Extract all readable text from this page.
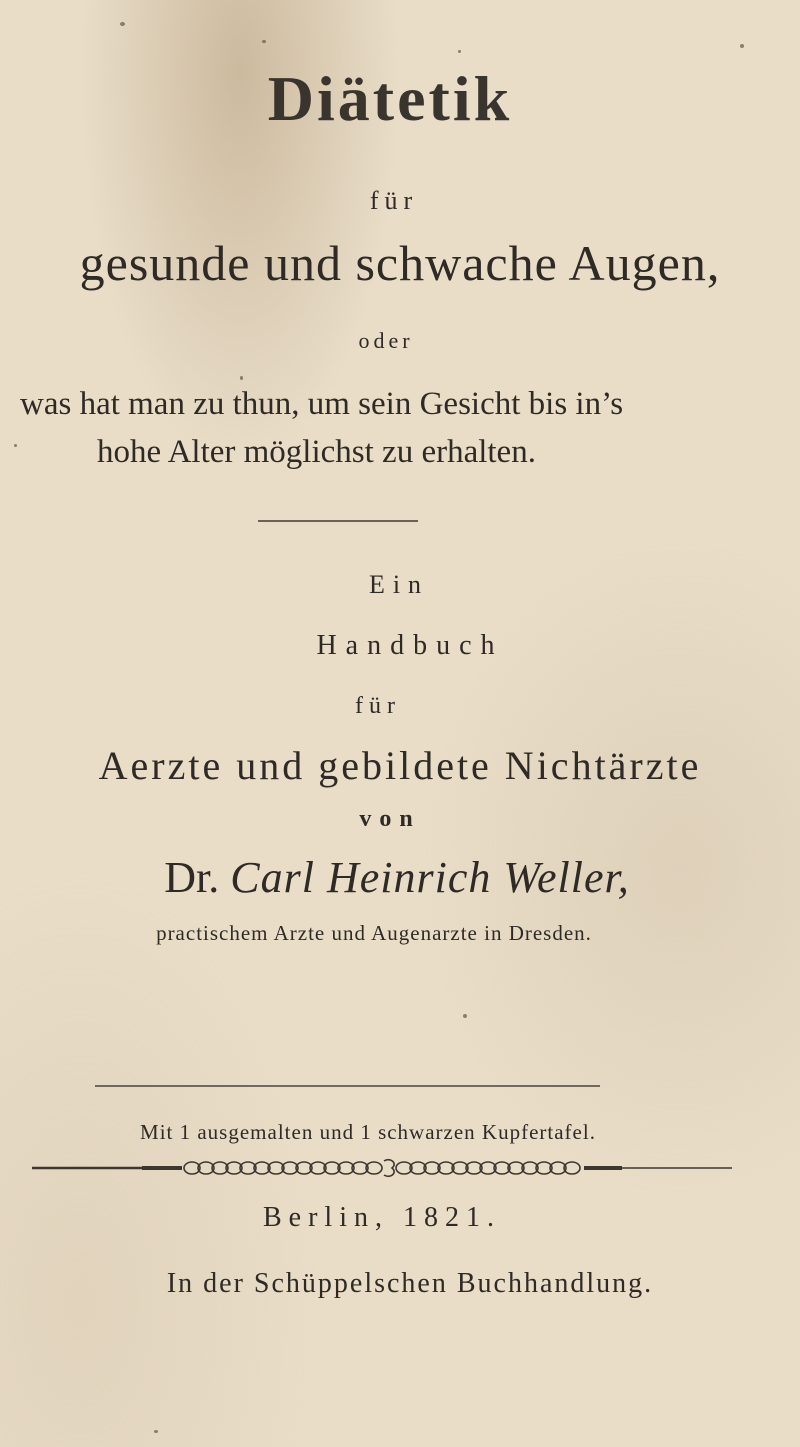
Diätetik
für
gesunde und schwache Augen,
oder
was hat man zu thun, um sein Gesicht bis in’s
hohe Alter möglichst zu erhalten.
Ein
Handbuch
für
Aerzte und gebildete Nichtärzte
von
Dr. Carl Heinrich Weller,
practischem Arzte und Augenarzte in Dresden.
Mit 1 ausgemalten und 1 schwarzen Kupfertafel.
Berlin, 1821.
In der Schüppelschen Buchhandlung.
